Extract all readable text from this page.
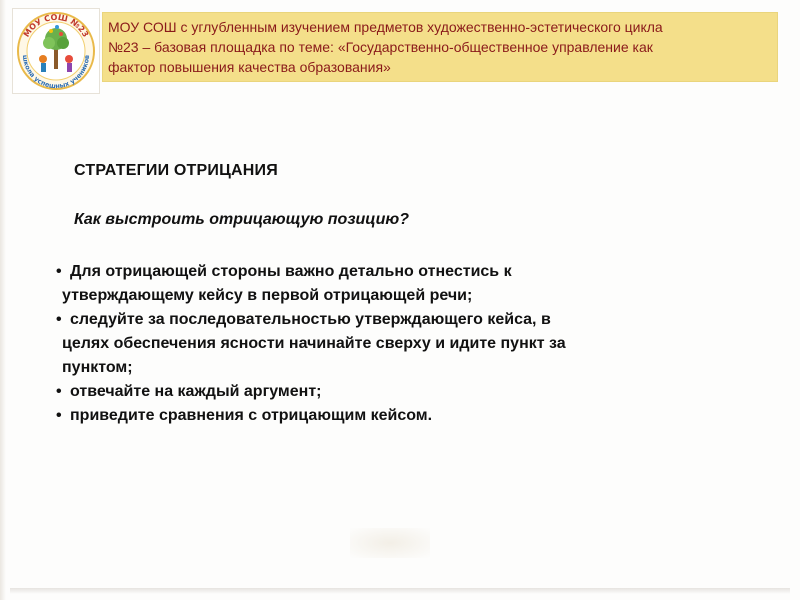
МОУ СОШ №23
школа успешных учеников
МОУ СОШ с углубленным изучением предметов художественно-эстетического цикла
№23 – базовая площадка по теме: «Государственно-общественное управление как
фактор повышения качества образования»
СТРАТЕГИИ ОТРИЦАНИЯ
Как выстроить отрицающую позицию?
• Для отрицающей стороны важно детально отнестись к
утверждающему кейсу в первой отрицающей речи;
• следуйте за последовательностью утверждающего кейса, в
целях обеспечения ясности начинайте сверху и идите пункт за
пунктом;
• отвечайте на каждый аргумент;
• приведите сравнения с отрицающим кейсом.
